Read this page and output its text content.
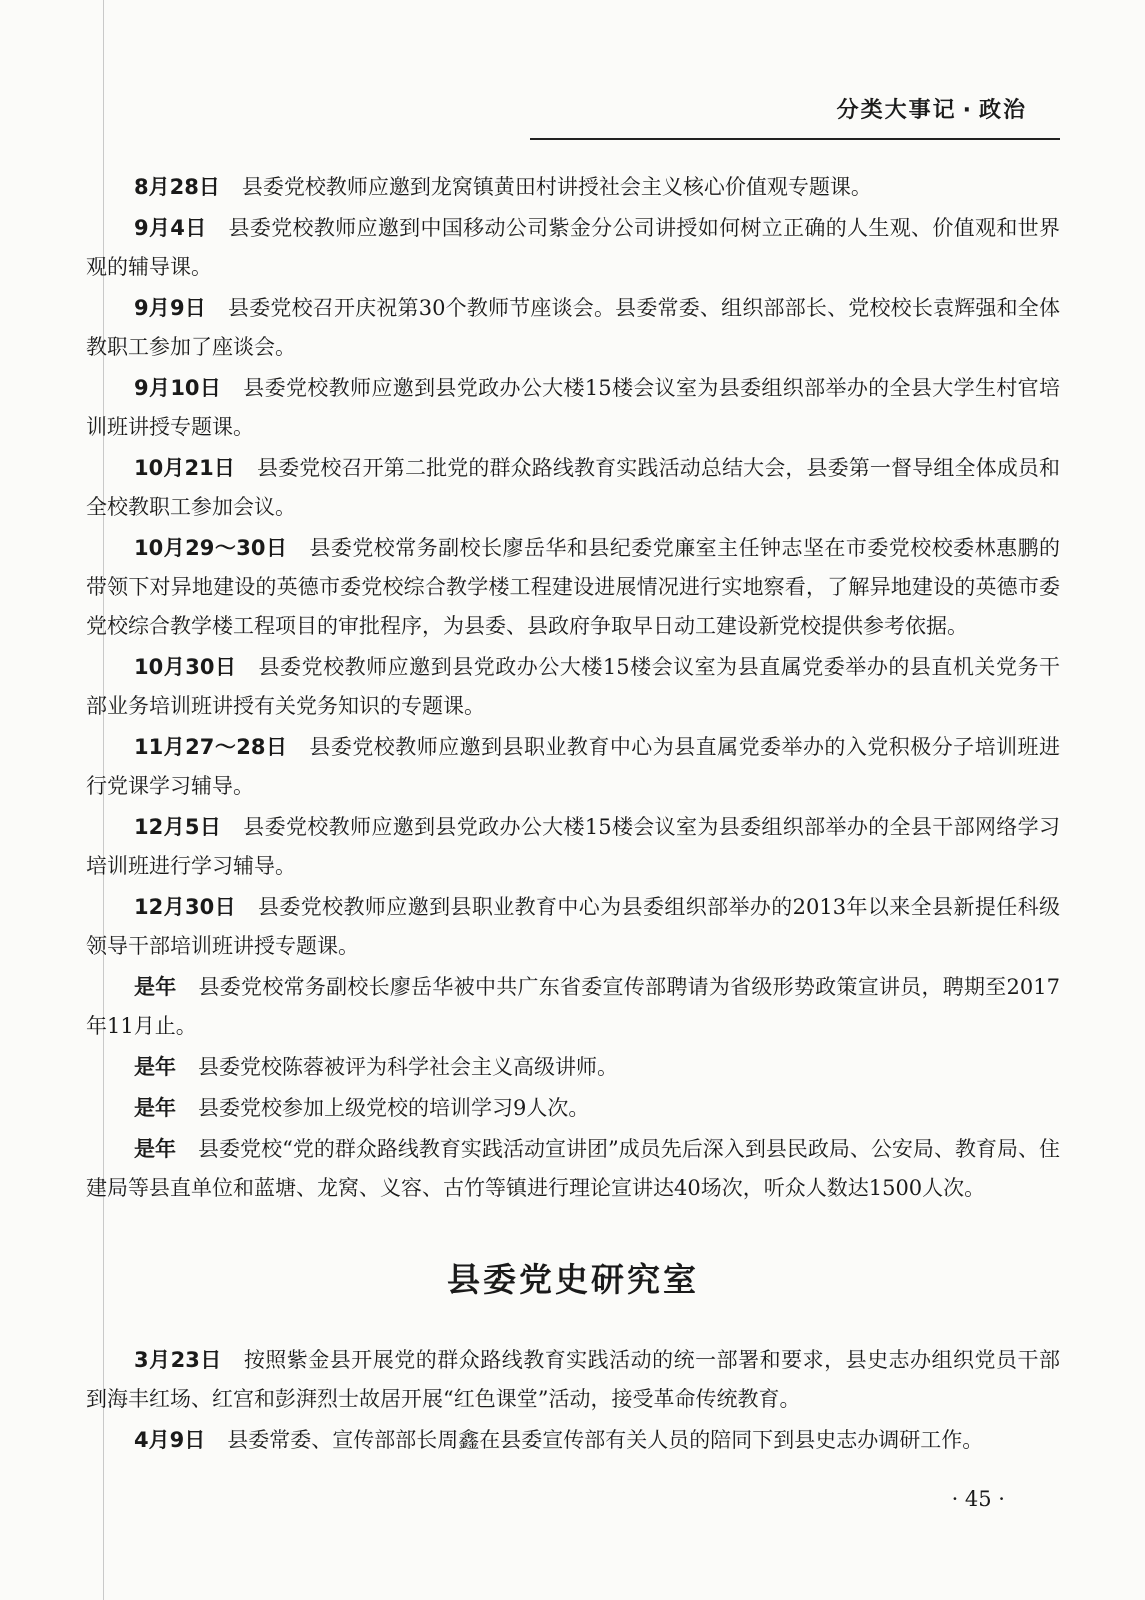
分类大事记 · 政治

8月28日 县委党校教师应邀到龙窝镇黄田村讲授社会主义核心价值观专题课。

9月4日 县委党校教师应邀到中国移动公司紫金分公司讲授如何树立正确的人生观、价值观和世界观的辅导课。

9月9日 县委党校召开庆祝第30个教师节座谈会。县委常委、组织部部长、党校校长袁辉强和全体教职工参加了座谈会。

9月10日 县委党校教师应邀到县党政办公大楼15楼会议室为县委组织部举办的全县大学生村官培训班讲授专题课。

10月21日 县委党校召开第二批党的群众路线教育实践活动总结大会，县委第一督导组全体成员和全校教职工参加会议。

10月29～30日 县委党校常务副校长廖岳华和县纪委党廉室主任钟志坚在市委党校校委林惠鹏的带领下对异地建设的英德市委党校综合教学楼工程建设进展情况进行实地察看，了解异地建设的英德市委党校综合教学楼工程项目的审批程序，为县委、县政府争取早日动工建设新党校提供参考依据。

10月30日 县委党校教师应邀到县党政办公大楼15楼会议室为县直属党委举办的县直机关党务干部业务培训班讲授有关党务知识的专题课。

11月27～28日 县委党校教师应邀到县职业教育中心为县直属党委举办的入党积极分子培训班进行党课学习辅导。

12月5日 县委党校教师应邀到县党政办公大楼15楼会议室为县委组织部举办的全县干部网络学习培训班进行学习辅导。

12月30日 县委党校教师应邀到县职业教育中心为县委组织部举办的2013年以来全县新提任科级领导干部培训班讲授专题课。

是年 县委党校常务副校长廖岳华被中共广东省委宣传部聘请为省级形势政策宣讲员，聘期至2017年11月止。

是年 县委党校陈蓉被评为科学社会主义高级讲师。

是年 县委党校参加上级党校的培训学习9人次。

是年 县委党校“党的群众路线教育实践活动宣讲团”成员先后深入到县民政局、公安局、教育局、住建局等县直单位和蓝塘、龙窝、义容、古竹等镇进行理论宣讲达40场次，听众人数达1500人次。

县委党史研究室

3月23日 按照紫金县开展党的群众路线教育实践活动的统一部署和要求，县史志办组织党员干部到海丰红场、红宫和彭湃烈士故居开展“红色课堂”活动，接受革命传统教育。

4月9日 县委常委、宣传部部长周鑫在县委宣传部有关人员的陪同下到县史志办调研工作。

· 45 ·
